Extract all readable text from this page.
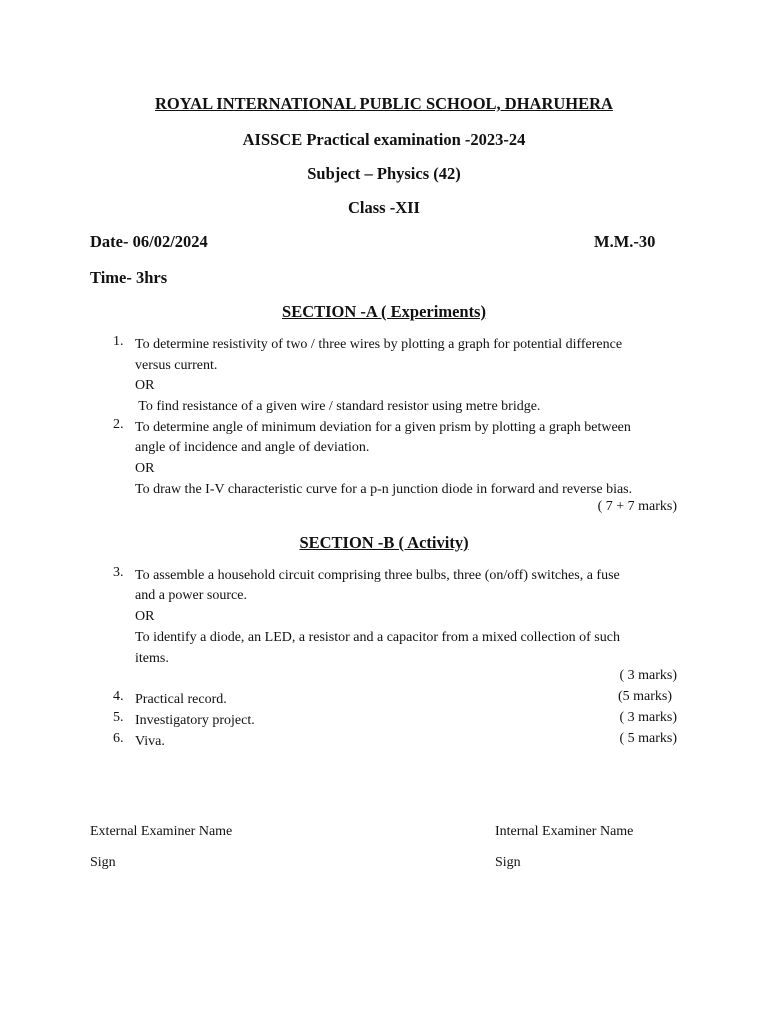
ROYAL INTERNATIONAL PUBLIC SCHOOL, DHARUHERA
AISSCE Practical examination -2023-24
Subject – Physics (42)
Class -XII
Date- 06/02/2024	M.M.-30
Time- 3hrs
SECTION -A ( Experiments)
1. To determine resistivity of two / three wires by plotting a graph for potential difference
versus current.
OR
To find resistance of a given wire / standard resistor using metre bridge.
2. To determine angle of minimum deviation for a given prism by plotting a graph between
angle of incidence and angle of deviation.
OR
To draw the I-V characteristic curve for a p-n junction diode in forward and reverse bias.
( 7 + 7 marks)
SECTION -B ( Activity)
3. To assemble a household circuit comprising three bulbs, three (on/off) switches, a fuse
and a power source.
OR
To identify a diode, an LED, a resistor and a capacitor from a mixed collection of such
items.
( 3 marks)
4. Practical record.	(5 marks)
5. Investigatory project.	( 3 marks)
6. Viva.	( 5 marks)
External Examiner Name	Internal Examiner Name
Sign	Sign
